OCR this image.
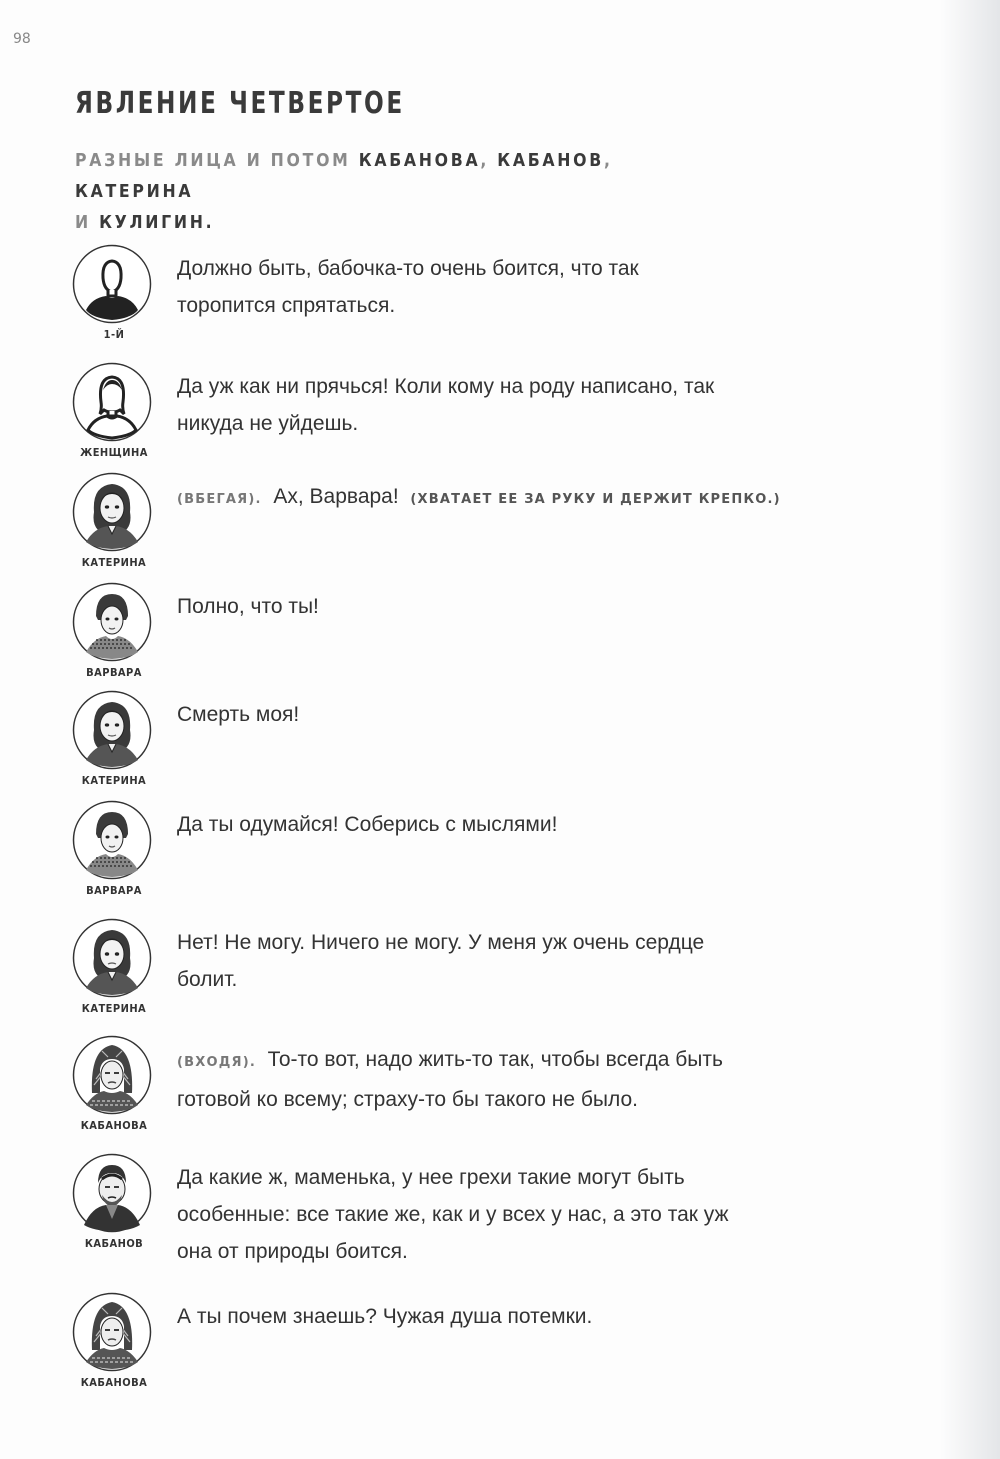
98
ЯВЛЕНИЕ ЧЕТВЕРТОЕ
РАЗНЫЕ ЛИЦА И ПОТОМ КАБАНОВА, КАБАНОВ, КАТЕРИНА
И КУЛИГИН.
1-Й
Должно быть, бабочка-то очень боится, что так торопится спрятаться.
ЖЕНЩИНА
Да уж как ни прячься! Коли кому на роду написано, так никуда не уйдешь.
КАТЕРИНА
(ВБЕГАЯ). Ах, Варвара! (ХВАТАЕТ ЕЕ ЗА РУКУ И ДЕРЖИТ КРЕПКО.)
ВАРВАРА
Полно, что ты!
КАТЕРИНА
Смерть моя!
ВАРВАРА
Да ты одумайся! Соберись с мыслями!
КАТЕРИНА
Нет! Не могу. Ничего не могу. У меня уж очень сердце болит.
КАБАНОВА
(ВХОДЯ). То-то вот, надо жить-то так, чтобы всегда быть готовой ко всему; страху-то бы такого не было.
КАБАНОВ
Да какие ж, маменька, у нее грехи такие могут быть особенные: все такие же, как и у всех у нас, а это так уж она от природы боится.
КАБАНОВА
А ты почем знаешь? Чужая душа потемки.
